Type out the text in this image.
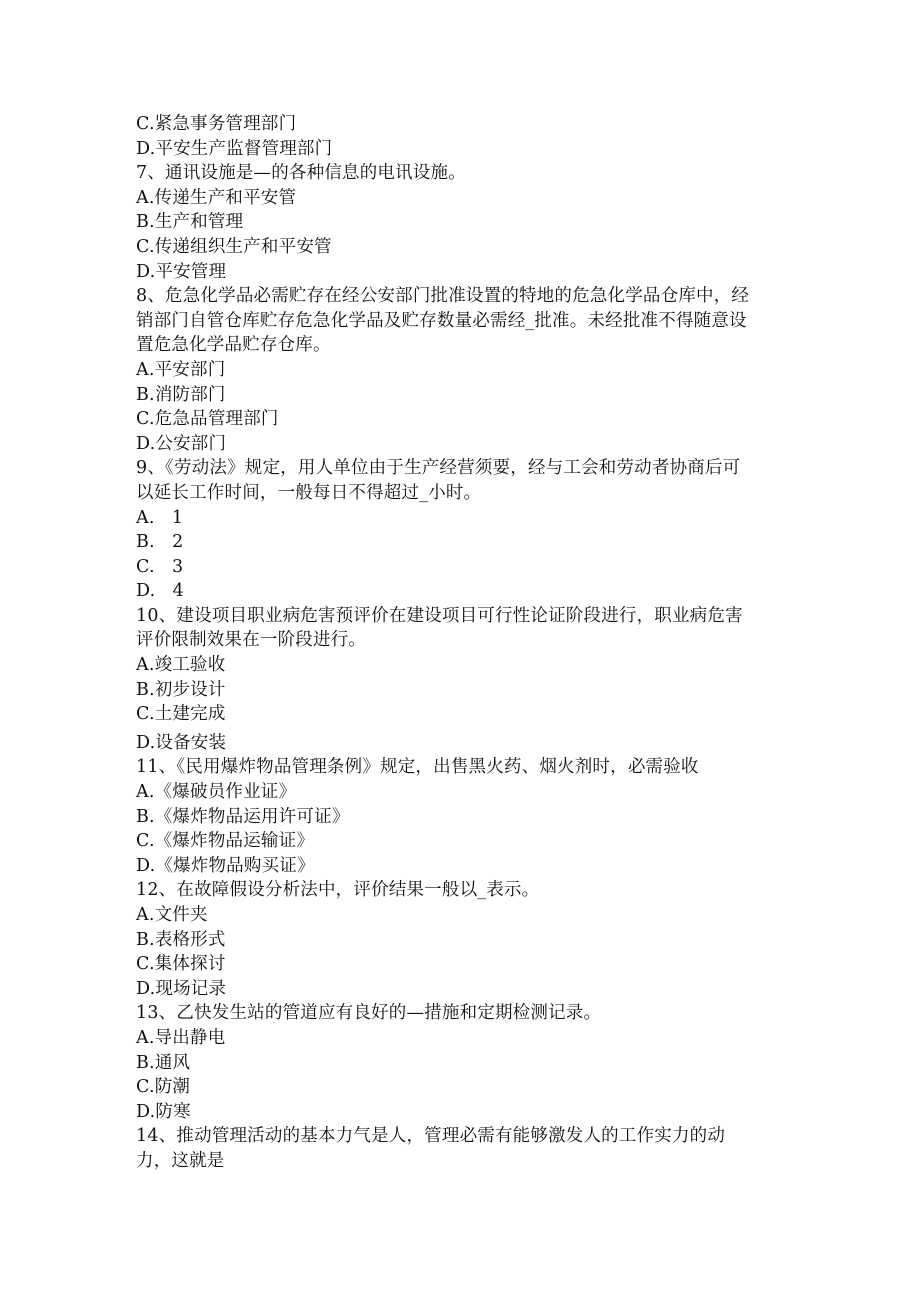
C.紧急事务管理部门
D.平安生产监督管理部门
7、通讯设施是—的各种信息的电讯设施。
A.传递生产和平安管
B.生产和管理
C.传递组织生产和平安管
D.平安管理
8、危急化学品必需贮存在经公安部门批准设置的特地的危急化学品仓库中，经
销部门自管仓库贮存危急化学品及贮存数量必需经_批准。未经批准不得随意设
置危急化学品贮存仓库。
A.平安部门
B.消防部门
C.危急品管理部门
D.公安部门
9、《劳动法》规定，用人单位由于生产经营须要，经与工会和劳动者协商后可
以延长工作时间，一般每日不得超过_小时。
A.   1
B.   2
C.   3
D.   4
10、建设项目职业病危害预评价在建设项目可行性论证阶段进行，职业病危害
评价限制效果在一阶段进行。
A.竣工验收
B.初步设计
C.土建完成
D.设备安装
11、《民用爆炸物品管理条例》规定，出售黑火药、烟火剂时，必需验收
A.《爆破员作业证》
B.《爆炸物品运用许可证》
C.《爆炸物品运输证》
D.《爆炸物品购买证》
12、在故障假设分析法中，评价结果一般以_表示。
A.文件夹
B.表格形式
C.集体探讨
D.现场记录
13、乙快发生站的管道应有良好的—措施和定期检测记录。
A.导出静电
B.通风
C.防潮
D.防寒
14、推动管理活动的基本力气是人，管理必需有能够激发人的工作实力的动
力，这就是
